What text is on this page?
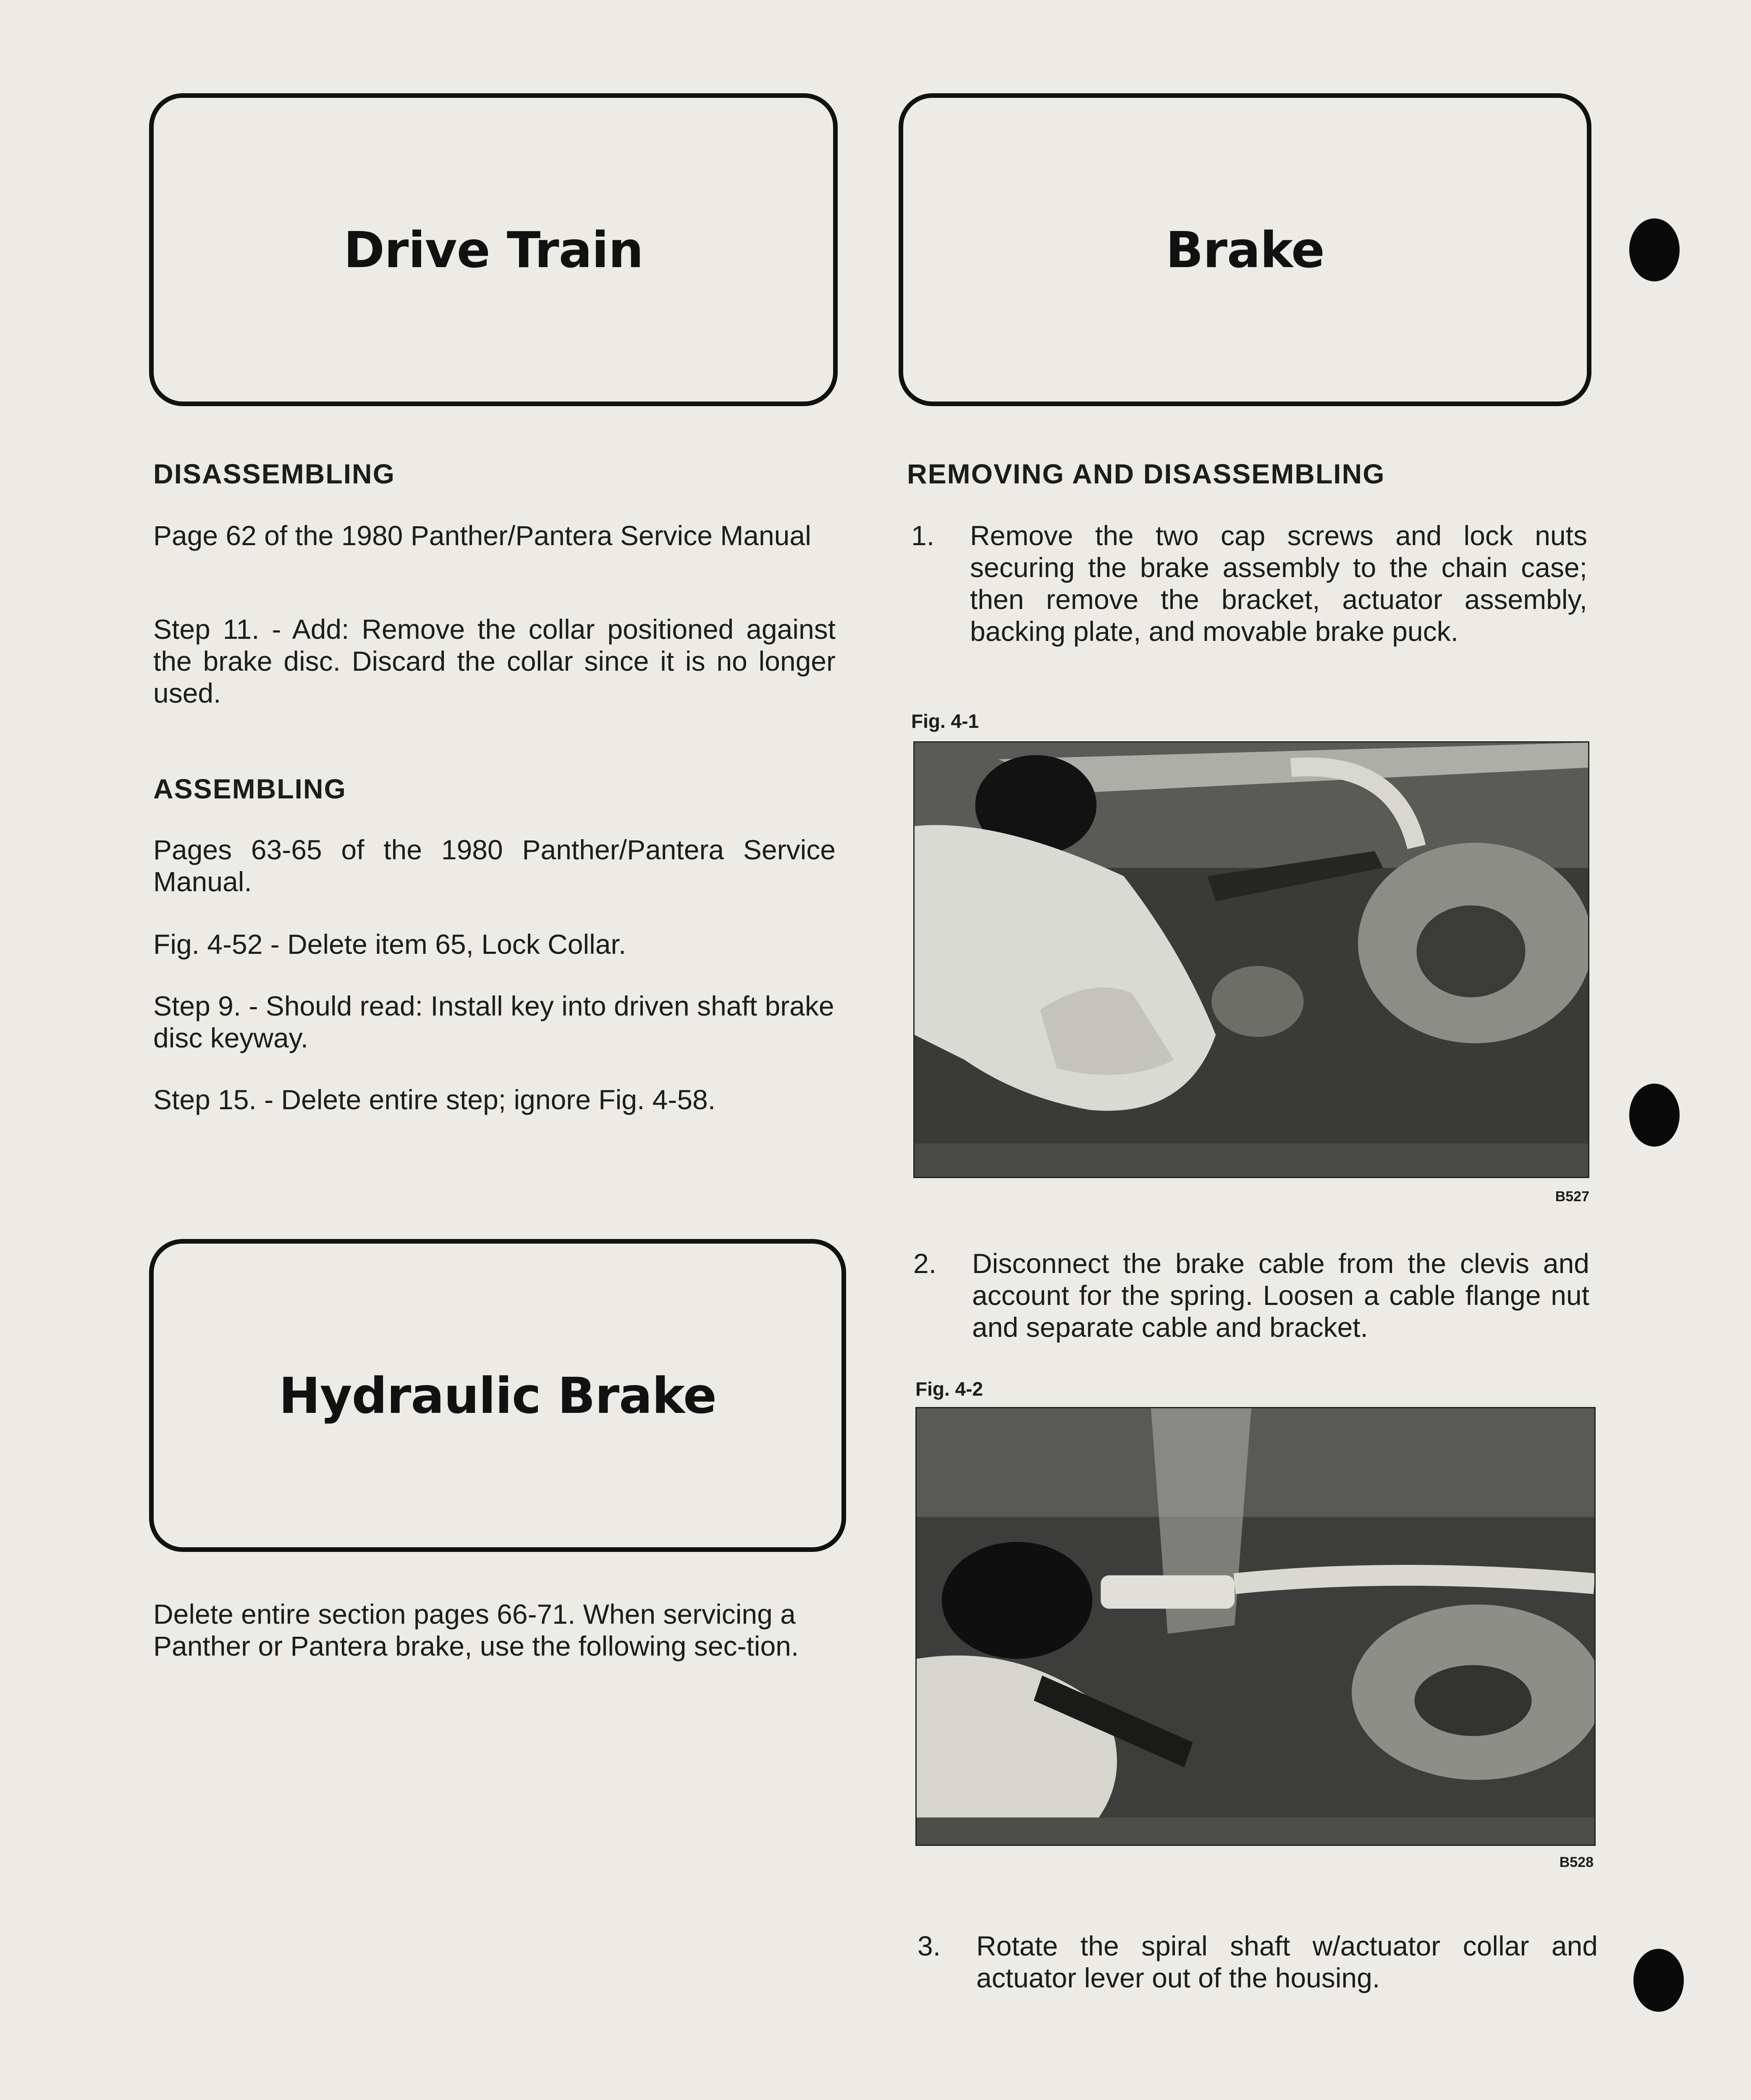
Drive Train

DISASSEMBLING

Page 62 of the 1980 Panther/Pantera Service Manual

Step 11. - Add: Remove the collar positioned against the brake disc. Discard the collar since it is no longer used.

ASSEMBLING

Pages 63-65 of the 1980 Panther/Pantera Service Manual.

Fig. 4-52 - Delete item 65, Lock Collar.

Step 9. - Should read: Install key into driven shaft brake disc keyway.

Step 15. - Delete entire step; ignore Fig. 4-58.

Hydraulic Brake

Delete entire section pages 66-71. When servicing a Panther or Pantera brake, use the following sec-tion.

Brake

REMOVING AND DISASSEMBLING

1.	Remove the two cap screws and lock nuts securing the brake assembly to the chain case; then remove the bracket, actuator assembly, backing plate, and movable brake puck.
Fig. 4-1
B527
2.	Disconnect the brake cable from the clevis and account for the spring. Loosen a cable flange nut and separate cable and bracket.
Fig. 4-2
B528
3.	Rotate the spiral shaft w/actuator collar and actuator lever out of the housing.
